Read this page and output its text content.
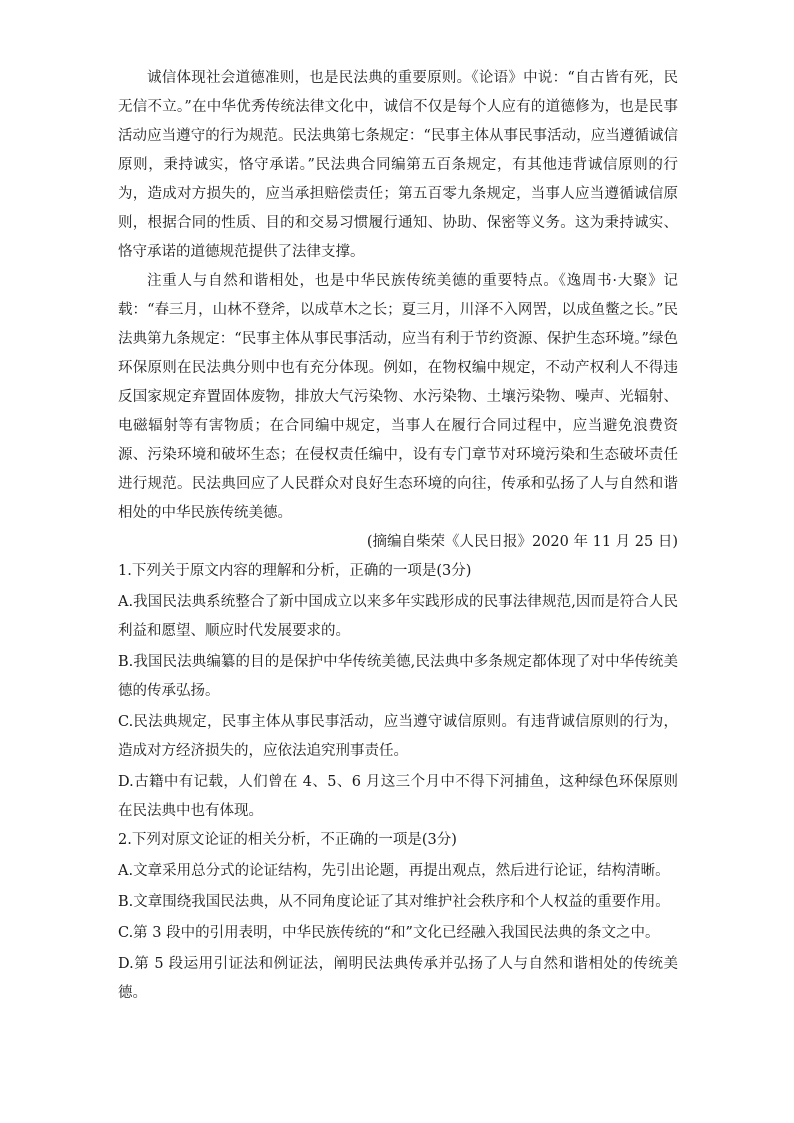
诚信体现社会道德准则，也是民法典的重要原则。《论语》中说：“自古皆有死，民无信不立。”在中华优秀传统法律文化中，诚信不仅是每个人应有的道德修为，也是民事活动应当遵守的行为规范。民法典第七条规定：“民事主体从事民事活动，应当遵循诚信原则，秉持诚实，恪守承诺。”民法典合同编第五百条规定，有其他违背诚信原则的行为，造成对方损失的，应当承担赔偿责任；第五百零九条规定，当事人应当遵循诚信原则，根据合同的性质、目的和交易习惯履行通知、协助、保密等义务。这为秉持诚实、恪守承诺的道德规范提供了法律支撑。

注重人与自然和谐相处，也是中华民族传统美德的重要特点。《逸周书·大聚》记载：“春三月，山林不登斧，以成草木之长；夏三月，川泽不入网罟，以成鱼鳖之长。”民法典第九条规定：“民事主体从事民事活动，应当有利于节约资源、保护生态环境。”绿色环保原则在民法典分则中也有充分体现。例如，在物权编中规定，不动产权利人不得违反国家规定弃置固体废物，排放大气污染物、水污染物、土壤污染物、噪声、光辐射、电磁辐射等有害物质；在合同编中规定，当事人在履行合同过程中，应当避免浪费资源、污染环境和破坏生态；在侵权责任编中，设有专门章节对环境污染和生态破坏责任进行规范。民法典回应了人民群众对良好生态环境的向往，传承和弘扬了人与自然和谐相处的中华民族传统美德。

(摘编自柴荣《人民日报》2020 年 11 月 25 日)

1.下列关于原文内容的理解和分析，正确的一项是(3分)

A.我国民法典系统整合了新中国成立以来多年实践形成的民事法律规范,因而是符合人民利益和愿望、顺应时代发展要求的。

B.我国民法典编纂的目的是保护中华传统美德,民法典中多条规定都体现了对中华传统美德的传承弘扬。

C.民法典规定，民事主体从事民事活动，应当遵守诚信原则。有违背诚信原则的行为，造成对方经济损失的，应依法追究刑事责任。

D.古籍中有记载，人们曾在 4、5、6 月这三个月中不得下河捕鱼，这种绿色环保原则在民法典中也有体现。

2.下列对原文论证的相关分析，不正确的一项是(3分)

A.文章采用总分式的论证结构，先引出论题，再提出观点，然后进行论证，结构清晰。

B.文章围绕我国民法典，从不同角度论证了其对维护社会秩序和个人权益的重要作用。

C.第 3 段中的引用表明，中华民族传统的“和”文化已经融入我国民法典的条文之中。

D.第 5 段运用引证法和例证法，阐明民法典传承并弘扬了人与自然和谐相处的传统美德。
